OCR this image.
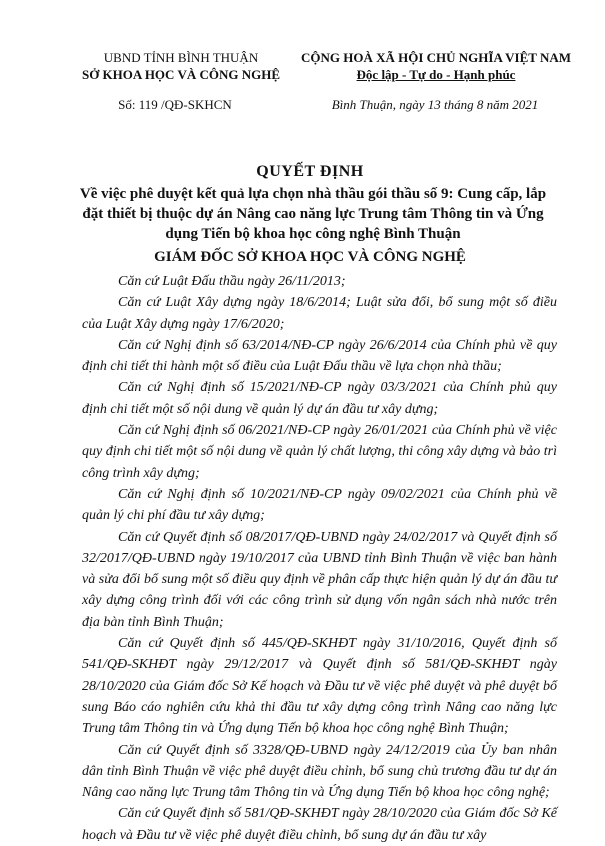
UBND TỈNH BÌNH THUẬN
SỞ KHOA HỌC VÀ CÔNG NGHỆ
CỘNG HOÀ XÃ HỘI CHỦ NGHĨA VIỆT NAM
Độc lập - Tự do - Hạnh phúc
Số: 119 /QĐ-SKHCN	Bình Thuận, ngày 13 tháng 8 năm 2021
QUYẾT ĐỊNH
Về việc phê duyệt kết quả lựa chọn nhà thầu gói thầu số 9: Cung cấp, lắp đặt thiết bị thuộc dự án Nâng cao năng lực Trung tâm Thông tin và Ứng dụng Tiến bộ khoa học công nghệ Bình Thuận
GIÁM ĐỐC SỞ KHOA HỌC VÀ CÔNG NGHỆ

Căn cứ Luật Đấu thầu ngày 26/11/2013;

Căn cứ Luật Xây dựng ngày 18/6/2014; Luật sửa đổi, bổ sung một số điều của Luật Xây dựng ngày 17/6/2020;

Căn cứ Nghị định số 63/2014/NĐ-CP ngày 26/6/2014 của Chính phủ về quy định chi tiết thi hành một số điều của Luật Đấu thầu về lựa chọn nhà thầu;

Căn cứ Nghị định số 15/2021/NĐ-CP ngày 03/3/2021 của Chính phủ quy định chi tiết một số nội dung về quản lý dự án đầu tư xây dựng;

Căn cứ Nghị định số 06/2021/NĐ-CP ngày 26/01/2021 của Chính phủ về việc quy định chi tiết một số nội dung về quản lý chất lượng, thi công xây dựng và bảo trì công trình xây dựng;

Căn cứ Nghị định số 10/2021/NĐ-CP ngày 09/02/2021 của Chính phủ về quản lý chi phí đầu tư xây dựng;

Căn cứ Quyết định số 08/2017/QĐ-UBND ngày 24/02/2017 và Quyết định số 32/2017/QĐ-UBND ngày 19/10/2017 của UBND tỉnh Bình Thuận về việc ban hành và sửa đổi bổ sung một số điều quy định về phân cấp thực hiện quản lý dự án đầu tư xây dựng công trình đối với các công trình sử dụng vốn ngân sách nhà nước trên địa bàn tỉnh Bình Thuận;

Căn cứ Quyết định số 445/QĐ-SKHĐT ngày 31/10/2016, Quyết định số 541/QĐ-SKHĐT ngày 29/12/2017 và Quyết định số 581/QĐ-SKHĐT ngày 28/10/2020 của Giám đốc Sở Kế hoạch và Đầu tư về việc phê duyệt và phê duyệt bổ sung Báo cáo nghiên cứu khả thi đầu tư xây dựng công trình Nâng cao năng lực Trung tâm Thông tin và Ứng dụng Tiến bộ khoa học công nghệ Bình Thuận;

Căn cứ Quyết định số 3328/QĐ-UBND ngày 24/12/2019 của Ủy ban nhân dân tỉnh Bình Thuận về việc phê duyệt điều chỉnh, bổ sung chủ trương đầu tư dự án Nâng cao năng lực Trung tâm Thông tin và Ứng dụng Tiến bộ khoa học công nghệ;

Căn cứ Quyết định số 581/QĐ-SKHĐT ngày 28/10/2020 của Giám đốc Sở Kế hoạch và Đầu tư về việc phê duyệt điều chỉnh, bổ sung dự án đầu tư xây
